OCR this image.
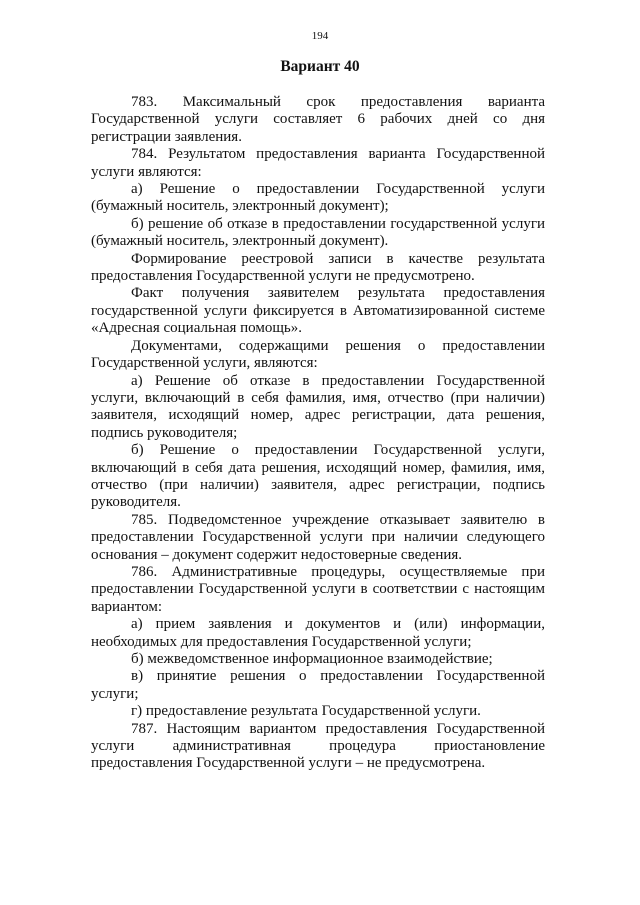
194
Вариант 40

783. Максимальный срок предоставления варианта Государственной услуги составляет 6 рабочих дней со дня регистрации заявления.

784. Результатом предоставления варианта Государственной услуги являются:

а) Решение о предоставлении Государственной услуги (бумажный носитель, электронный документ);

б) решение об отказе в предоставлении государственной услуги (бумажный носитель, электронный документ).

Формирование реестровой записи в качестве результата предоставления Государственной услуги не предусмотрено.

Факт получения заявителем результата предоставления государственной услуги фиксируется в Автоматизированной системе «Адресная социальная помощь».

Документами, содержащими решения о предоставлении Государственной услуги, являются:

а) Решение об отказе в предоставлении Государственной услуги, включающий в себя фамилия, имя, отчество (при наличии) заявителя, исходящий номер, адрес регистрации, дата решения, подпись руководителя;

б) Решение о предоставлении Государственной услуги, включающий в себя дата решения, исходящий номер, фамилия, имя, отчество (при наличии) заявителя, адрес регистрации, подпись руководителя.

785. Подведомстенное учреждение отказывает заявителю в предоставлении Государственной услуги при наличии следующего основания – документ содержит недостоверные сведения.

786. Административные процедуры, осуществляемые при предоставлении Государственной услуги в соответствии с настоящим вариантом:

а) прием заявления и документов и (или) информации, необходимых для предоставления Государственной услуги;

б) межведомственное информационное взаимодействие;

в) принятие решения о предоставлении Государственной услуги;

г) предоставление результата Государственной услуги.

787. Настоящим вариантом предоставления Государственной услуги административная процедура приостановление предоставления Государственной услуги – не предусмотрена.
